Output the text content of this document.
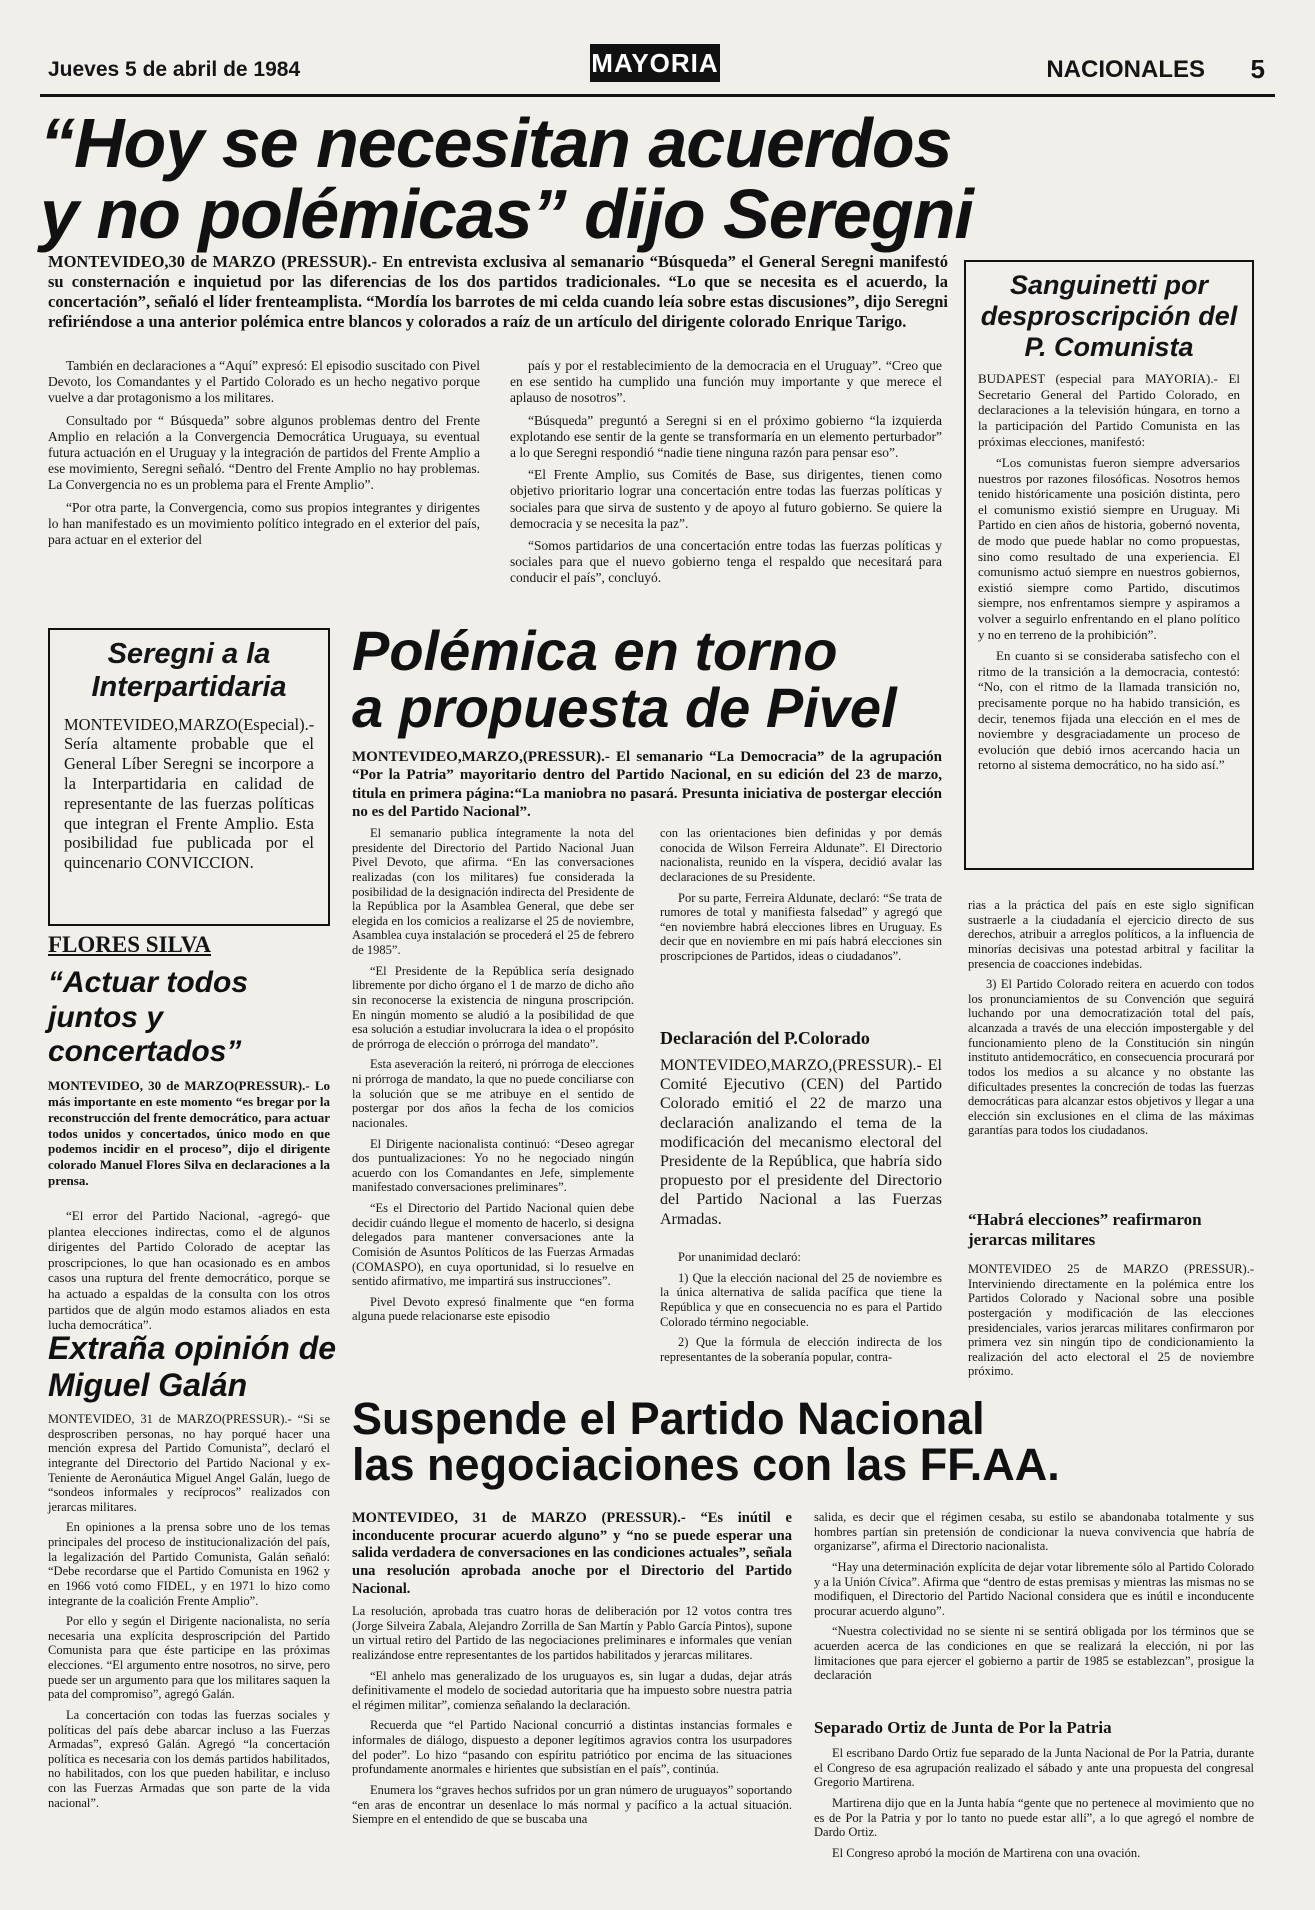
Jueves 5 de abril de 1984	MAYORIA	NACIONALES 5
“Hoy se necesitan acuerdos
y no polémicas” dijo Seregni
MONTEVIDEO,30 de MARZO (PRESSUR).- En entrevista exclusiva al semanario “Búsqueda” el General Seregni manifestó su consternación e inquietud por las diferencias de los dos partidos tradicionales. “Lo que se necesita es el acuerdo, la concertación”, señaló el líder frenteamplista. “Mordía los barrotes de mi celda cuando leía sobre estas discusiones”, dijo Seregni refiriéndose a una anterior polémica entre blancos y colorados a raíz de un artículo del dirigente colorado Enrique Tarigo.

También en declaraciones a “Aquí” expresó: El episodio suscitado con Pivel Devoto, los Comandantes y el Partido Colorado es un hecho negativo porque vuelve a dar protagonismo a los militares.

Consultado por “ Búsqueda” sobre algunos problemas dentro del Frente Amplio en relación a la Convergencia Democrática Uruguaya, su eventual futura actuación en el Uruguay y la integración de partidos del Frente Amplio a ese movimiento, Seregni señaló. “Dentro del Frente Amplio no hay problemas. La Convergencia no es un problema para el Frente Amplio”.

“Por otra parte, la Convergencia, como sus propios integrantes y dirigentes lo han manifestado es un movimiento político integrado en el exterior del país, para actuar en el exterior del

país y por el restablecimiento de la democracia en el Uruguay”. “Creo que en ese sentido ha cumplido una función muy importante y que merece el aplauso de nosotros”.

“Búsqueda” preguntó a Seregni si en el próximo gobierno “la izquierda explotando ese sentir de la gente se transformaría en un elemento perturbador” a lo que Seregni respondió “nadie tiene ninguna razón para pensar eso”.

“El Frente Amplio, sus Comités de Base, sus dirigentes, tienen como objetivo prioritario lograr una concertación entre todas las fuerzas políticas y sociales para que sirva de sustento y de apoyo al futuro gobierno. Se quiere la democracia y se necesita la paz”.

“Somos partidarios de una concertación entre todas las fuerzas políticas y sociales para que el nuevo gobierno tenga el respaldo que necesitará para conducir el país”, concluyó.

Sanguinetti por desproscripción del P. Comunista

BUDAPEST (especial para MAYORIA).- El Secretario General del Partido Colorado, en declaraciones a la televisión húngara, en torno a la participación del Partido Comunista en las próximas elecciones, manifestó:

“Los comunistas fueron siempre adversarios nuestros por razones filosóficas. Nosotros hemos tenido históricamente una posición distinta, pero el comunismo existió siempre en Uruguay. Mi Partido en cien años de historia, gobernó noventa, de modo que puede hablar no como propuestas, sino como resultado de una experiencia. El comunismo actuó siempre en nuestros gobiernos, existió siempre como Partido, discutimos siempre, nos enfrentamos siempre y aspiramos a volver a seguirlo enfrentando en el plano político y no en terreno de la prohibición”.

En cuanto si se consideraba satisfecho con el ritmo de la transición a la democracia, contestó: “No, con el ritmo de la llamada transición no, precisamente porque no ha habido transición, es decir, tenemos fijada una elección en el mes de noviembre y desgraciadamente un proceso de evolución que debió irnos acercando hacia un retorno al sistema democrático, no ha sido así.”

Seregni a la Interpartidaria
MONTEVIDEO,MARZO(Especial).- Sería altamente probable que el General Líber Seregni se incorpore a la Interpartidaria en calidad de representante de las fuerzas políticas que integran el Frente Amplio. Esta posibilidad fue publicada por el quincenario CONVICCION.
FLORES SILVA
“Actuar todos juntos y concertados”
MONTEVIDEO, 30 de MARZO(PRESSUR).- Lo más importante en este momento “es bregar por la reconstrucción del frente democrático, para actuar todos unidos y concertados, único modo en que podemos incidir en el proceso”, dijo el dirigente colorado Manuel Flores Silva en declaraciones a la prensa.

“El error del Partido Nacional, -agregó- que plantea elecciones indirectas, como el de algunos dirigentes del Partido Colorado de aceptar las proscripciones, lo que han ocasionado es en ambos casos una ruptura del frente democrático, porque se ha actuado a espaldas de la consulta con los otros partidos que de algún modo estamos aliados en esta lucha democrática”.

Extraña opinión de Miguel Galán

MONTEVIDEO, 31 de MARZO(PRESSUR).- “Si se desproscriben personas, no hay porqué hacer una mención expresa del Partido Comunista”, declaró el integrante del Directorio del Partido Nacional y ex-Teniente de Aeronáutica Miguel Angel Galán, luego de “sondeos informales y recíprocos” realizados con jerarcas militares.

En opiniones a la prensa sobre uno de los temas principales del proceso de institucionalización del país, la legalización del Partido Comunista, Galán señaló: “Debe recordarse que el Partido Comunista en 1962 y en 1966 votó como FIDEL, y en 1971 lo hizo como integrante de la coalición Frente Amplio”.

Por ello y según el Dirigente nacionalista, no sería necesaria una explícita desproscripción del Partido Comunista para que éste participe en las próximas elecciones. “El argumento entre nosotros, no sirve, pero puede ser un argumento para que los militares saquen la pata del compromiso”, agregó Galán.

La concertación con todas las fuerzas sociales y políticas del país debe abarcar incluso a las Fuerzas Armadas”, expresó Galán. Agregó “la concertación política es necesaria con los demás partidos habilitados, no habilitados, con los que pueden habilitar, e incluso con las Fuerzas Armadas que son parte de la vida nacional”.

Polémica en torno
a propuesta de Pivel
MONTEVIDEO,MARZO,(PRESSUR).- El semanario “La Democracia” de la agrupación “Por la Patria” mayoritario dentro del Partido Nacional, en su edición del 23 de marzo, titula en primera página:“La maniobra no pasará. Presunta iniciativa de postergar elección no es del Partido Nacional”.

El semanario publica íntegramente la nota del presidente del Directorio del Partido Nacional Juan Pivel Devoto, que afirma. “En las conversaciones realizadas (con los militares) fue considerada la posibilidad de la designación indirecta del Presidente de la República por la Asamblea General, que debe ser elegida en los comicios a realizarse el 25 de noviembre, Asamblea cuya instalación se procederá el 25 de febrero de 1985”.

“El Presidente de la República sería designado libremente por dicho órgano el 1 de marzo de dicho año sin reconocerse la existencia de ninguna proscripción. En ningún momento se aludió a la posibilidad de que esa solución a estudiar involucrara la idea o el propósito de prórroga de elección o prórroga del mandato”.

Esta aseveración la reiteró, ni prórroga de elecciones ni prórroga de mandato, la que no puede conciliarse con la solución que se me atribuye en el sentido de postergar por dos años la fecha de los comicios nacionales.

El Dirigente nacionalista continuó: “Deseo agregar dos puntualizaciones: Yo no he negociado ningún acuerdo con los Comandantes en Jefe, simplemente manifestado conversaciones preliminares”.

“Es el Directorio del Partido Nacional quien debe decidir cuándo llegue el momento de hacerlo, si designa delegados para mantener conversaciones ante la Comisión de Asuntos Políticos de las Fuerzas Armadas (COMASPO), en cuya oportunidad, si lo resuelve en sentido afirmativo, me impartirá sus instrucciones”.

Pivel Devoto expresó finalmente que “en forma alguna puede relacionarse este episodio

con las orientaciones bien definidas y por demás conocida de Wilson Ferreira Aldunate”. El Directorio nacionalista, reunido en la víspera, decidió avalar las declaraciones de su Presidente.

Por su parte, Ferreira Aldunate, declaró: “Se trata de rumores de total y manifiesta falsedad” y agregó que “en noviembre habrá elecciones libres en Uruguay. Es decir que en noviembre en mi país habrá elecciones sin proscripciones de Partidos, ideas o ciudadanos”.

Declaración del P.Colorado
MONTEVIDEO,MARZO,(PRESSUR).- El Comité Ejecutivo (CEN) del Partido Colorado emitió el 22 de marzo una declaración analizando el tema de la modificación del mecanismo electoral del Presidente de la República, que habría sido propuesto por el presidente del Directorio del Partido Nacional a las Fuerzas Armadas.

Por unanimidad declaró:

1) Que la elección nacional del 25 de noviembre es la única alternativa de salida pacífica que tiene la República y que en consecuencia no es para el Partido Colorado término negociable.

2) Que la fórmula de elección indirecta de los representantes de la soberanía popular, contra-

rias a la práctica del país en este siglo significan sustraerle a la ciudadanía el ejercicio directo de sus derechos, atribuir a arreglos políticos, a la influencia de minorías decisivas una potestad arbitral y facilitar la presencia de coacciones indebidas.

3) El Partido Colorado reitera en acuerdo con todos los pronunciamientos de su Convención que seguirá luchando por una democratización total del país, alcanzada a través de una elección impostergable y del funcionamiento pleno de la Constitución sin ningún instituto antidemocrático, en consecuencia procurará por todos los medios a su alcance y no obstante las dificultades presentes la concreción de todas las fuerzas democráticas para alcanzar estos objetivos y llegar a una elección sin exclusiones en el clima de las máximas garantías para todos los ciudadanos.

“Habrá elecciones” reafirmaron jerarcas militares

MONTEVIDEO 25 de MARZO (PRESSUR).- Interviniendo directamente en la polémica entre los Partidos Colorado y Nacional sobre una posible postergación y modificación de las elecciones presidenciales, varios jerarcas militares confirmaron por primera vez sin ningún tipo de condicionamiento la realización del acto electoral el 25 de noviembre próximo.

Suspende el Partido Nacional
las negociaciones con las FF.AA.
MONTEVIDEO, 31 de MARZO (PRESSUR).- “Es inútil e inconducente procurar acuerdo alguno” y “no se puede esperar una salida verdadera de conversaciones en las condiciones actuales”, señala una resolución aprobada anoche por el Directorio del Partido Nacional.

La resolución, aprobada tras cuatro horas de deliberación por 12 votos contra tres (Jorge Silveira Zabala, Alejandro Zorrilla de San Martín y Pablo García Pintos), supone un virtual retiro del Partido de las negociaciones preliminares e informales que venían realizándose entre representantes de los partidos habilitados y jerarcas militares.

“El anhelo mas generalizado de los uruguayos es, sin lugar a dudas, dejar atrás definitivamente el modelo de sociedad autoritaria que ha impuesto sobre nuestra patria el régimen militar”, comienza señalando la declaración.

Recuerda que “el Partido Nacional concurrió a distintas instancias formales e informales de diálogo, dispuesto a deponer legítimos agravios contra los usurpadores del poder”. Lo hizo “pasando con espíritu patriótico por encima de las situaciones profundamente anormales e hirientes que subsistían en el país”, continúa.

Enumera los “graves hechos sufridos por un gran número de uruguayos” soportando “en aras de encontrar un desenlace lo más normal y pacífico a la actual situación. Siempre en el entendido de que se buscaba una

salida, es decir que el régimen cesaba, su estilo se abandonaba totalmente y sus hombres partían sin pretensión de condicionar la nueva convivencia que habría de organizarse”, afirma el Directorio nacionalista.

“Hay una determinación explícita de dejar votar libremente sólo al Partido Colorado y a la Unión Cívica”. Afirma que “dentro de estas premisas y mientras las mismas no se modifiquen, el Directorio del Partido Nacional considera que es inútil e inconducente procurar acuerdo alguno”.

“Nuestra colectividad no se siente ni se sentirá obligada por los términos que se acuerden acerca de las condiciones en que se realizará la elección, ni por las limitaciones que para ejercer el gobierno a partir de 1985 se establezcan”, prosigue la declaración

Separado Ortiz de Junta de Por la Patria

El escribano Dardo Ortiz fue separado de la Junta Nacional de Por la Patria, durante el Congreso de esa agrupación realizado el sábado y ante una propuesta del congresal Gregorio Martirena.

Martirena dijo que en la Junta había “gente que no pertenece al movimiento que no es de Por la Patria y por lo tanto no puede estar allí”, a lo que agregó el nombre de Dardo Ortiz.

El Congreso aprobó la moción de Martirena con una ovación.
